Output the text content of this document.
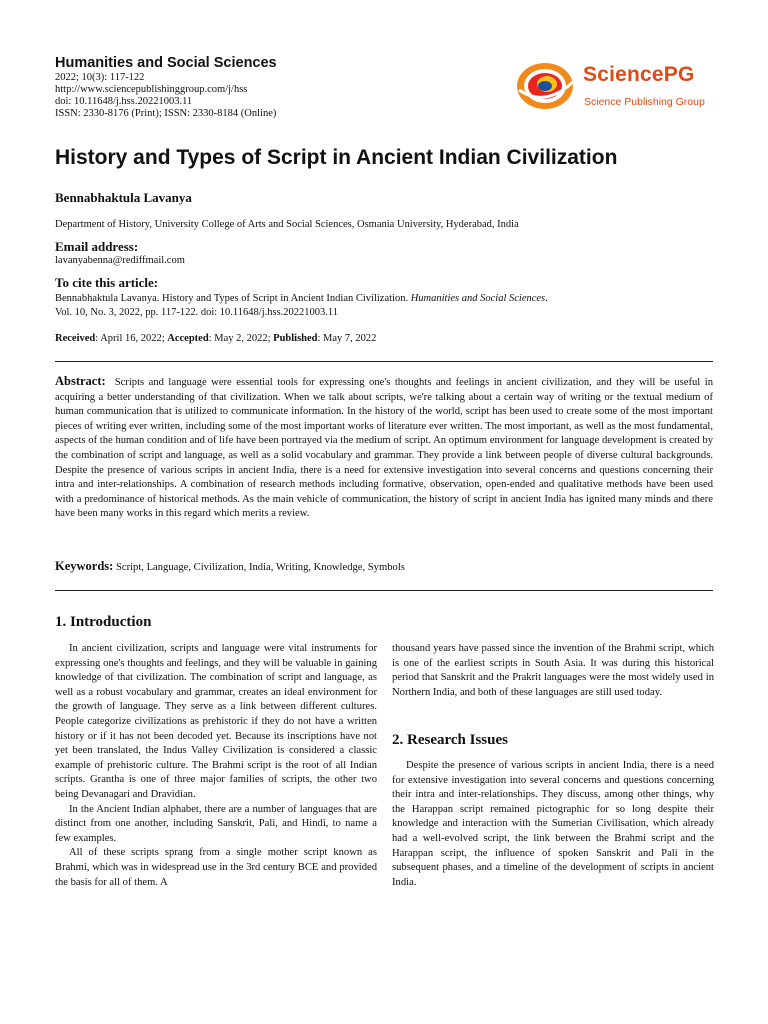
Humanities and Social Sciences
2022; 10(3): 117-122
http://www.sciencepublishinggroup.com/j/hss
doi: 10.11648/j.hss.20221003.11
ISSN: 2330-8176 (Print); ISSN: 2330-8184 (Online)
SciencePG
Science Publishing Group
History and Types of Script in Ancient Indian Civilization
Bennabhaktula Lavanya
Department of History, University College of Arts and Social Sciences, Osmania University, Hyderabad, India
Email address:
lavanyabenna@rediffmail.com
To cite this article:
Bennabhaktula Lavanya. History and Types of Script in Ancient Indian Civilization. Humanities and Social Sciences.
Vol. 10, No. 3, 2022, pp. 117-122. doi: 10.11648/j.hss.20221003.11
Received: April 16, 2022; Accepted: May 2, 2022; Published: May 7, 2022
Abstract: Scripts and language were essential tools for expressing one's thoughts and feelings in ancient civilization, and they will be useful in acquiring a better understanding of that civilization. When we talk about scripts, we're talking about a certain way of writing or the textual medium of human communication that is utilized to communicate information. In the history of the world, script has been used to create some of the most important pieces of writing ever written, including some of the most important works of literature ever written. The most important, as well as the most fundamental, aspects of the human condition and of life have been portrayed via the medium of script. An optimum environment for language development is created by the combination of script and language, as well as a solid vocabulary and grammar. They provide a link between people of diverse cultural backgrounds. Despite the presence of various scripts in ancient India, there is a need for extensive investigation into several concerns and questions concerning their intra and inter-relationships. A combination of research methods including formative, observation, open-ended and qualitative methods have been used with a predominance of historical methods. As the main vehicle of communication, the history of script in ancient India has ignited many minds and there have been many works in this regard which merits a review.
Keywords: Script, Language, Civilization, India, Writing, Knowledge, Symbols
1. Introduction

In ancient civilization, scripts and language were vital instruments for expressing one's thoughts and feelings, and they will be valuable in gaining knowledge of that civilization. The combination of script and language, as well as a robust vocabulary and grammar, creates an ideal environment for the growth of language. They serve as a link between different cultures. People categorize civilizations as prehistoric if they do not have a written history or if it has not been decoded yet. Because its inscriptions have not yet been translated, the Indus Valley Civilization is considered a classic example of prehistoric culture. The Brahmi script is the root of all Indian scripts. Grantha is one of three major families of scripts, the other two being Devanagari and Dravidian.

In the Ancient Indian alphabet, there are a number of languages that are distinct from one another, including Sanskrit, Pali, and Hindi, to name a few examples.

All of these scripts sprang from a single mother script known as Brahmi, which was in widespread use in the 3rd century BCE and provided the basis for all of them. A

thousand years have passed since the invention of the Brahmi script, which is one of the earliest scripts in South Asia. It was during this historical period that Sanskrit and the Prakrit languages were the most widely used in Northern India, and both of these languages are still used today.

2. Research Issues

Despite the presence of various scripts in ancient India, there is a need for extensive investigation into several concerns and questions concerning their intra and inter-relationships. They discuss, among other things, why the Harappan script remained pictographic for so long despite their knowledge and interaction with the Sumerian Civilisation, which already had a well-evolved script, the link between the Brahmi script and the Harappan script, the influence of spoken Sanskrit and Pali in the subsequent phases, and a timeline of the development of scripts in ancient India.
